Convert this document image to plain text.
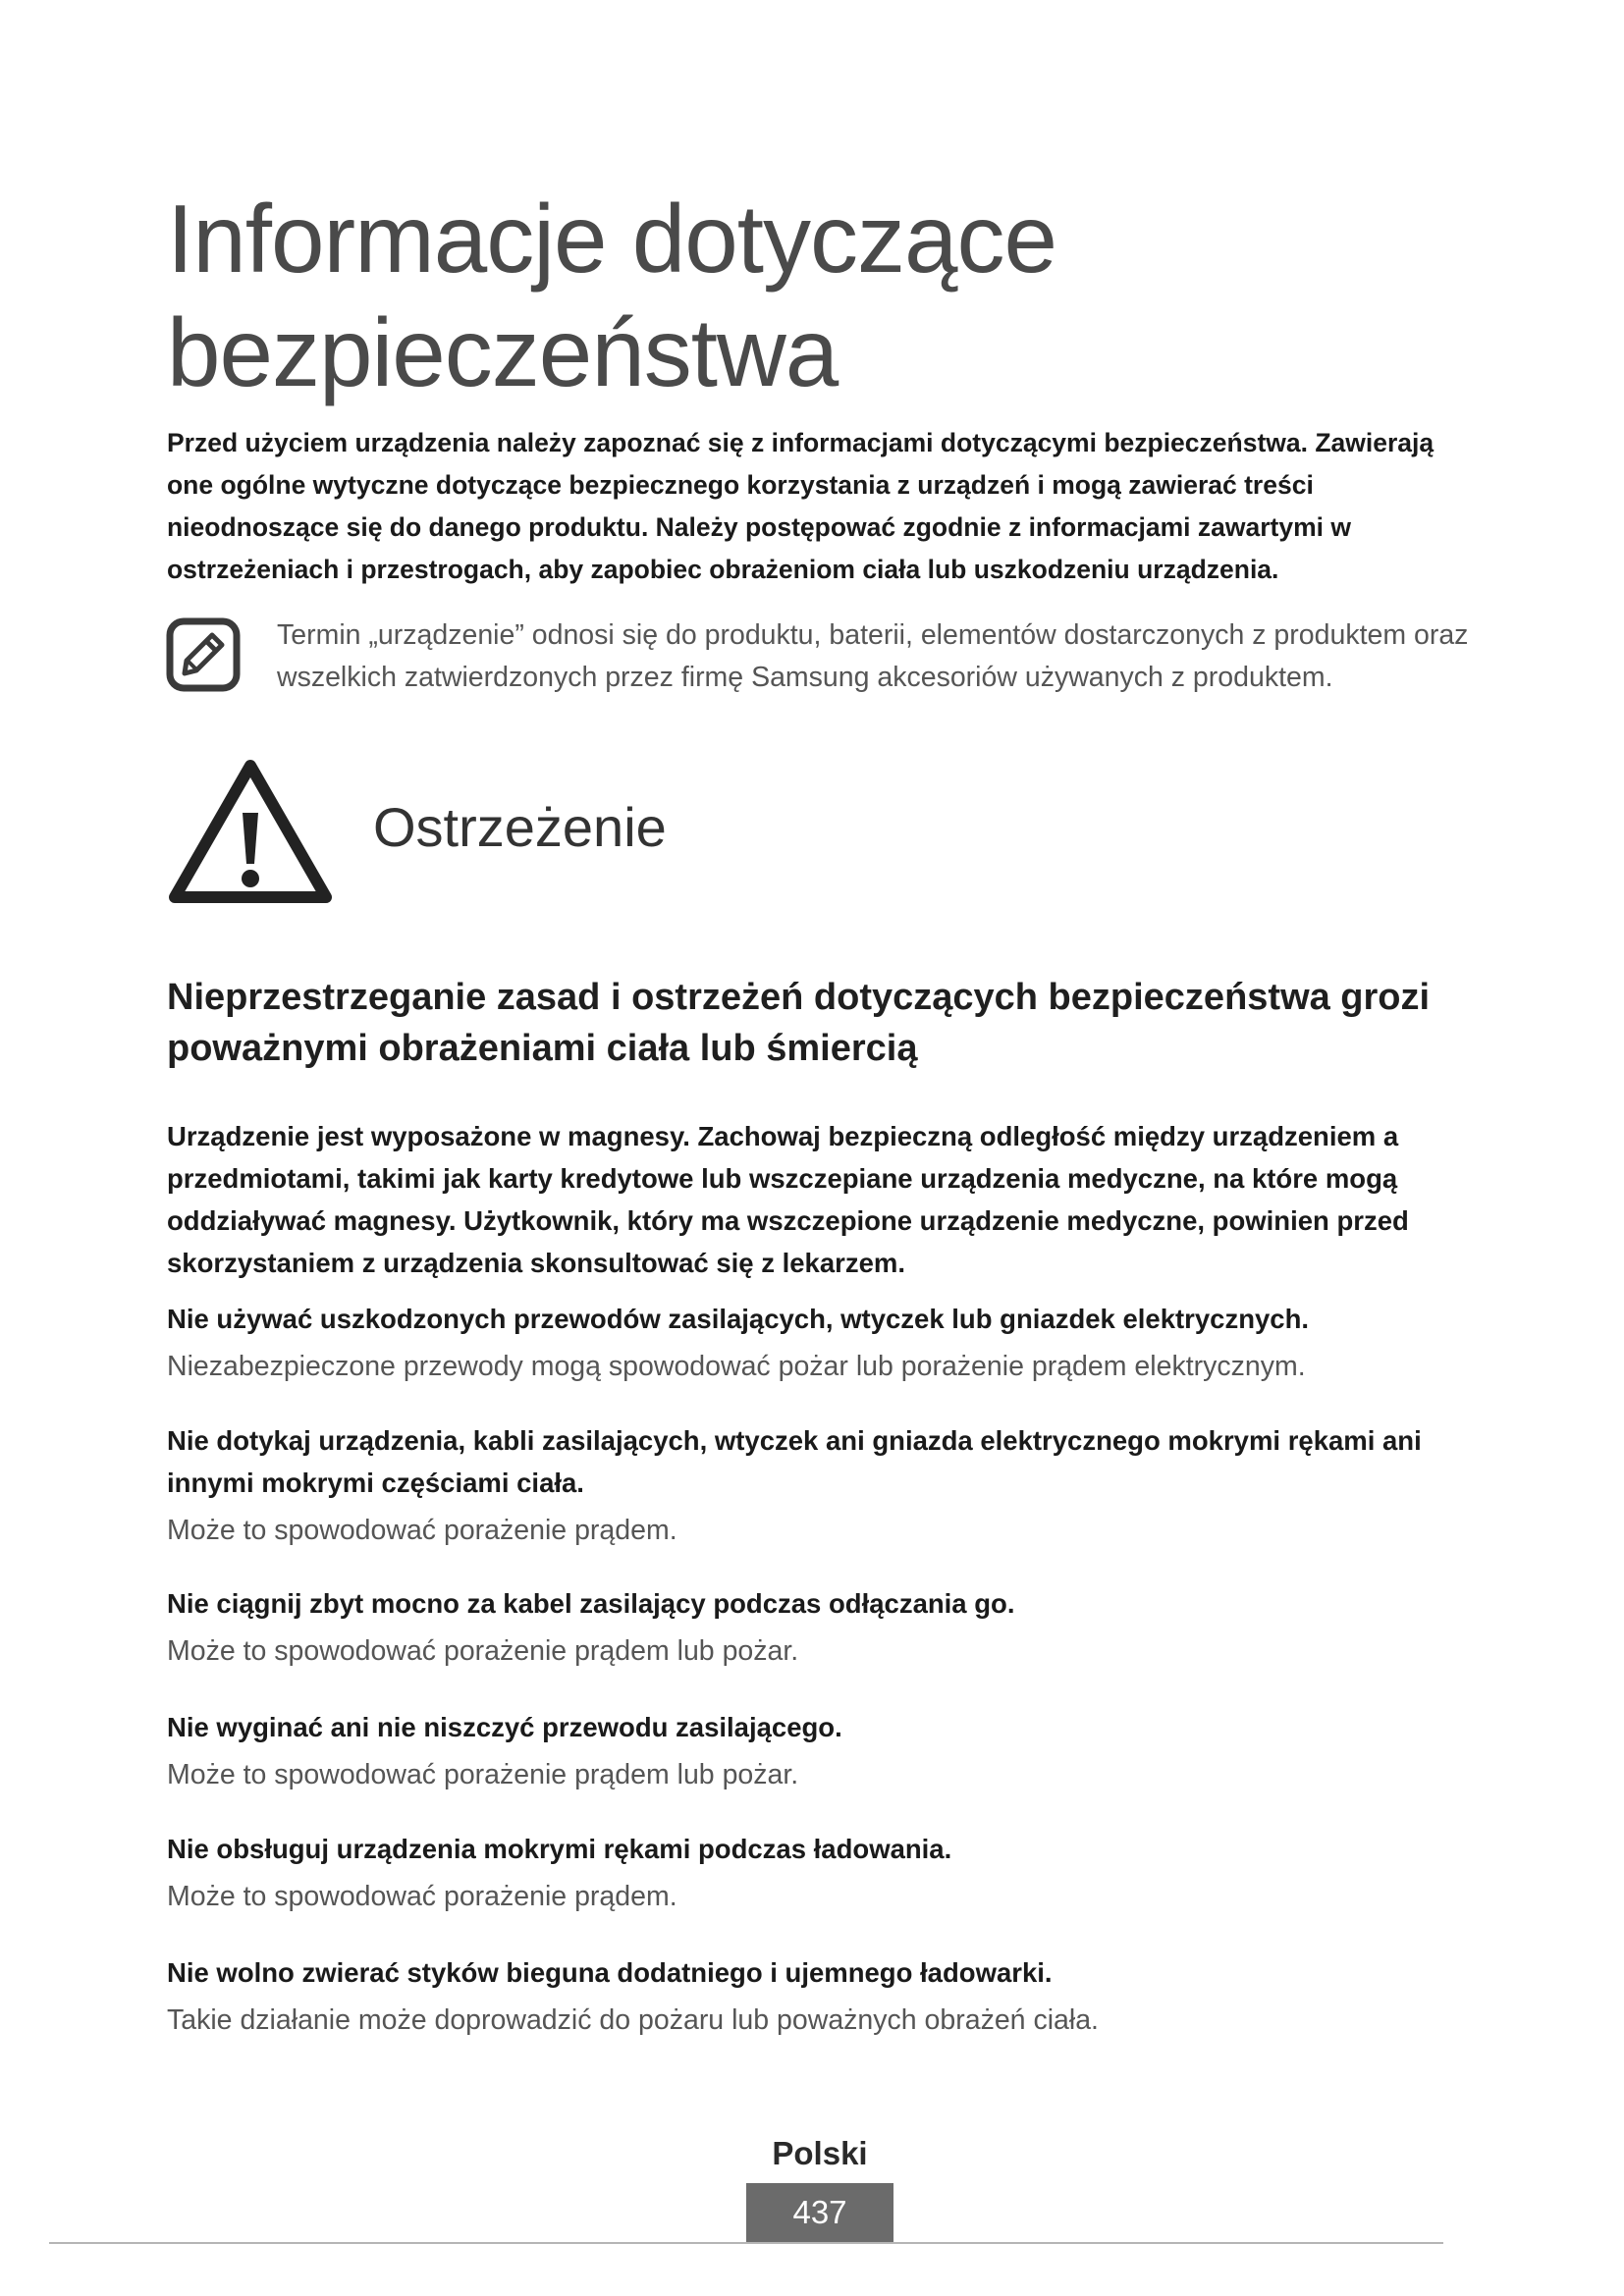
Informacje dotyczące bezpieczeństwa

Przed użyciem urządzenia należy zapoznać się z informacjami dotyczącymi bezpieczeństwa. Zawierają one ogólne wytyczne dotyczące bezpiecznego korzystania z urządzeń i mogą zawierać treści nieodnoszące się do danego produktu. Należy postępować zgodnie z informacjami zawartymi w ostrzeżeniach i przestrogach, aby zapobiec obrażeniom ciała lub uszkodzeniu urządzenia.

Termin „urządzenie” odnosi się do produktu, baterii, elementów dostarczonych z produktem oraz wszelkich zatwierdzonych przez firmę Samsung akcesoriów używanych z produktem.

Ostrzeżenie
Nieprzestrzeganie zasad i ostrzeżeń dotyczących bezpieczeństwa grozi poważnymi obrażeniami ciała lub śmiercią

Urządzenie jest wyposażone w magnesy. Zachowaj bezpieczną odległość między urządzeniem a przedmiotami, takimi jak karty kredytowe lub wszczepiane urządzenia medyczne, na które mogą oddziaływać magnesy. Użytkownik, który ma wszczepione urządzenie medyczne, powinien przed skorzystaniem z urządzenia skonsultować się z lekarzem.

Nie używać uszkodzonych przewodów zasilających, wtyczek lub gniazdek elektrycznych.
Niezabezpieczone przewody mogą spowodować pożar lub porażenie prądem elektrycznym.
Nie dotykaj urządzenia, kabli zasilających, wtyczek ani gniazda elektrycznego mokrymi rękami ani innymi mokrymi częściami ciała.
Może to spowodować porażenie prądem.
Nie ciągnij zbyt mocno za kabel zasilający podczas odłączania go.
Może to spowodować porażenie prądem lub pożar.
Nie wyginać ani nie niszczyć przewodu zasilającego.
Może to spowodować porażenie prądem lub pożar.
Nie obsługuj urządzenia mokrymi rękami podczas ładowania.
Może to spowodować porażenie prądem.
Nie wolno zwierać styków bieguna dodatniego i ujemnego ładowarki.
Takie działanie może doprowadzić do pożaru lub poważnych obrażeń ciała.
Polski
437
